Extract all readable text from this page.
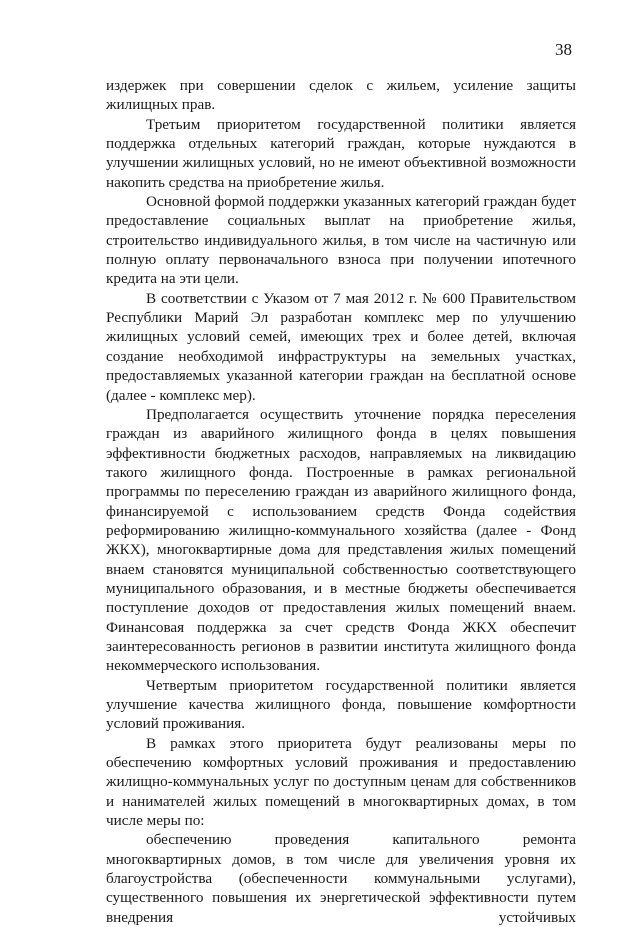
38

издержек при совершении сделок с жильем, усиление защиты жилищных прав.

Третьим приоритетом государственной политики является поддержка отдельных категорий граждан, которые нуждаются в улучшении жилищных условий, но не имеют объективной возможности накопить средства на приобретение жилья.

Основной формой поддержки указанных категорий граждан будет предоставление социальных выплат на приобретение жилья, строительство индивидуального жилья, в том числе на частичную или полную оплату первоначального взноса при получении ипотечного кредита на эти цели.

В соответствии с Указом от 7 мая 2012 г. № 600 Правительством Республики Марий Эл разработан комплекс мер по улучшению жилищных условий семей, имеющих трех и более детей, включая создание необходимой инфраструктуры на земельных участках, предоставляемых указанной категории граждан на бесплатной основе (далее - комплекс мер).

Предполагается осуществить уточнение порядка переселения граждан из аварийного жилищного фонда в целях повышения эффективности бюджетных расходов, направляемых на ликвидацию такого жилищного фонда. Построенные в рамках региональной программы по переселению граждан из аварийного жилищного фонда, финансируемой с использованием средств Фонда содействия реформированию жилищно-коммунального хозяйства (далее - Фонд ЖКХ), многоквартирные дома для представления жилых помещений внаем становятся муниципальной собственностью соответствующего муниципального образования, и в местные бюджеты обеспечивается поступление доходов от предоставления жилых помещений внаем. Финансовая поддержка за счет средств Фонда ЖКХ обеспечит заинтересованность регионов в развитии института жилищного фонда некоммерческого использования.

Четвертым приоритетом государственной политики является улучшение качества жилищного фонда, повышение комфортности условий проживания.

В рамках этого приоритета будут реализованы меры по обеспечению комфортных условий проживания и предоставлению жилищно-коммунальных услуг по доступным ценам для собственников и нанимателей жилых помещений в многоквартирных домах, в том числе меры по:

обеспечению проведения капитального ремонта многоквартирных домов, в том числе для увеличения уровня их благоустройства (обеспеченности коммунальными услугами), существенного повышения их энергетической эффективности путем внедрения устойчивых
